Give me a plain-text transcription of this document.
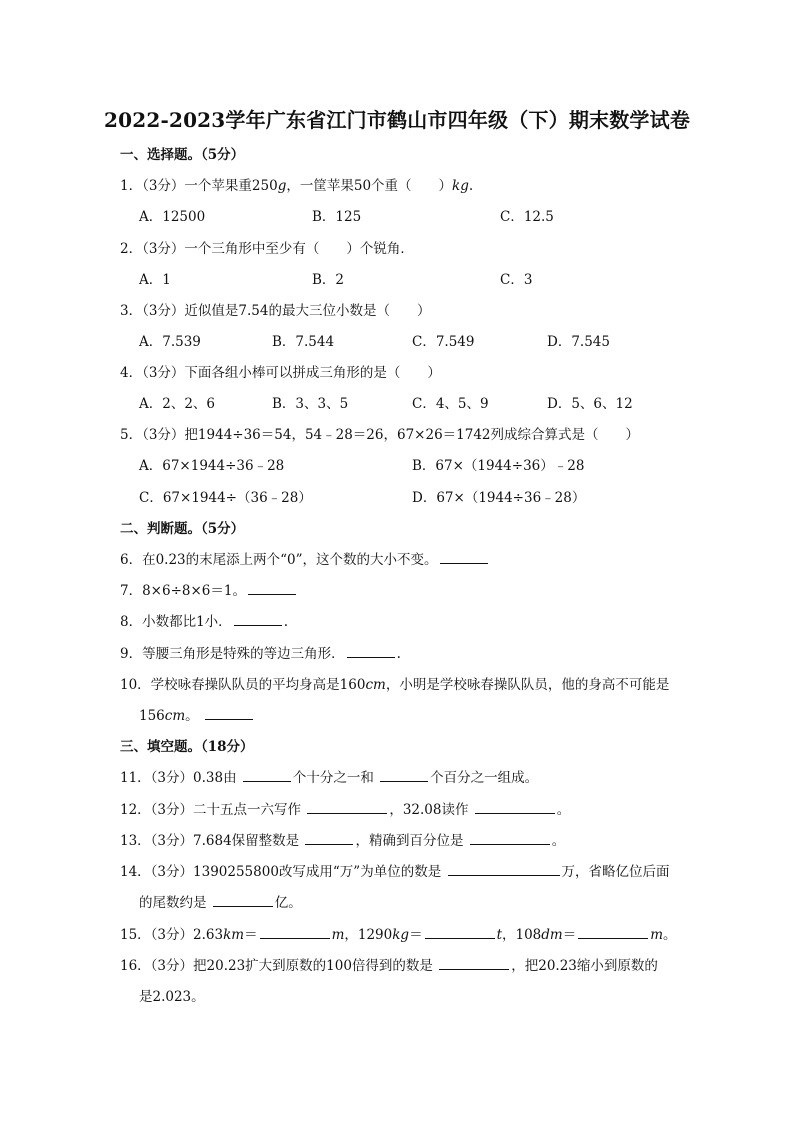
2022-2023学年广东省江门市鹤山市四年级（下）期末数学试卷
一、选择题。（5分）
1．（3分）一个苹果重250g，一筐苹果50个重（　　）kg.
A．12500	B．125	C．12.5
2．（3分）一个三角形中至少有（　　）个锐角．
A．1	B．2	C．3
3．（3分）近似值是7.54的最大三位小数是（　　）
A．7.539	B．7.544	C．7.549	D．7.545
4．（3分）下面各组小棒可以拼成三角形的是（　　）
A．2、2、6	B．3、3、5	C．4、5、9	D．5、6、12
5．（3分）把1944÷36＝54，54﹣28＝26，67×26＝1742列成综合算式是（　　）
A．67×1944÷36﹣28	B．67×（1944÷36）﹣28
C．67×1944÷（36﹣28）	D．67×（1944÷36﹣28）
二、判断题。（5分）
6．在0.23的末尾添上两个“0”，这个数的大小不变。
7．8×6÷8×6＝1。
8．小数都比1小．	.
9．等腰三角形是特殊的等边三角形．	.
10．学校咏春操队队员的平均身高是160cm，小明是学校咏春操队队员，他的身高不可能是
156cm。
三、填空题。（18分）
11．（3分）0.38由	个十分之一和	个百分之一组成。
12．（3分）二十五点一六写作	，32.08读作	。
13．（3分）7.684保留整数是	，精确到百分位是	。
14．（3分）1390255800改写成用“万”为单位的数是	万，省略亿位后面
的尾数约是	亿。
15．（3分）2.63km＝	m，1290kg＝	t，108dm＝	m。
16．（3分）把20.23扩大到原数的100倍得到的数是	，把20.23缩小到原数的
是2.023。
